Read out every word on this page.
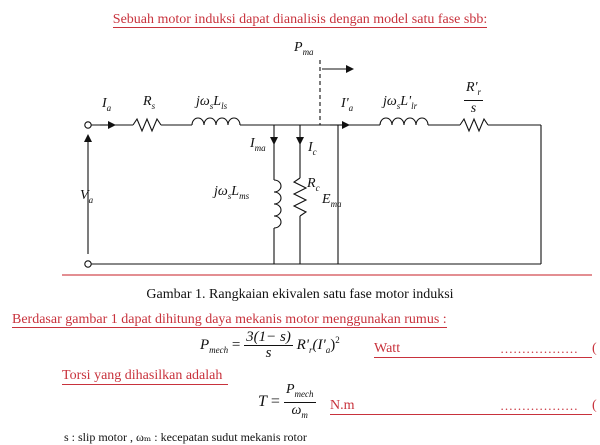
Sebuah motor induksi dapat dianalisis dengan model satu fase sbb:
$P_{ma}$
$I_a$ $R_s$	$j\omega_sL_{ls}$	$I'_a$ $j\omega_sL'_{lr}$	$\frac{R'_r}{s}$
$I_{ma}$	$I_c$
$V_a$
$j\omega_sL_{ms}$
$R_c$
$E_{ma}$
Gambar 1. Rangkaian ekivalen satu fase motor induksi
Berdasar gambar 1 dapat dihitung daya mekanis motor menggunakan rumus :
$P_{mech} = \frac{3(1- s)}{s} R'_r(I'_a)^2$
Watt	……………… (
Torsi yang dihasilkan adalah
$T = \frac{P_{mech}}{\omega_m} N.m$	……………… (
s : slip motor , ωₘ : kecepatan sudut mekanis rotor
